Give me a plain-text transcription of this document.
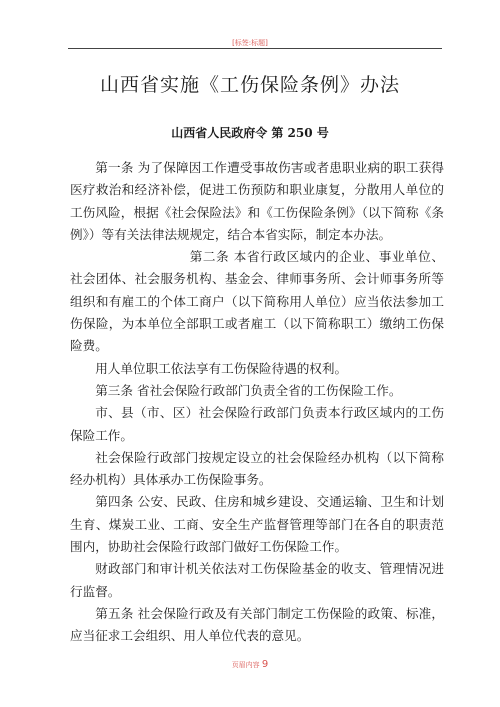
[标签:标题]
山西省实施《工伤保险条例》办法
山西省人民政府令 第 250 号

第一条 为了保障因工作遭受事故伤害或者患职业病的职工获得医疗救治和经济补偿，促进工伤预防和职业康复，分散用人单位的工伤风险，根据《社会保险法》和《工伤保险条例》（以下简称《条例》）等有关法律法规规定，结合本省实际，制定本办法。

第二条 本省行政区域内的企业、事业单位、社会团体、社会服务机构、基金会、律师事务所、会计师事务所等组织和有雇工的个体工商户（以下简称用人单位）应当依法参加工伤保险，为本单位全部职工或者雇工（以下简称职工）缴纳工伤保险费。

用人单位职工依法享有工伤保险待遇的权利。

第三条 省社会保险行政部门负责全省的工伤保险工作。

市、县（市、区）社会保险行政部门负责本行政区域内的工伤保险工作。

社会保险行政部门按规定设立的社会保险经办机构（以下简称经办机构）具体承办工伤保险事务。

第四条 公安、民政、住房和城乡建设、交通运输、卫生和计划生育、煤炭工业、工商、安全生产监督管理等部门在各自的职责范围内，协助社会保险行政部门做好工伤保险工作。

财政部门和审计机关依法对工伤保险基金的收支、管理情况进行监督。

第五条 社会保险行政及有关部门制定工伤保险的政策、标准，应当征求工会组织、用人单位代表的意见。

页眉内容 9
